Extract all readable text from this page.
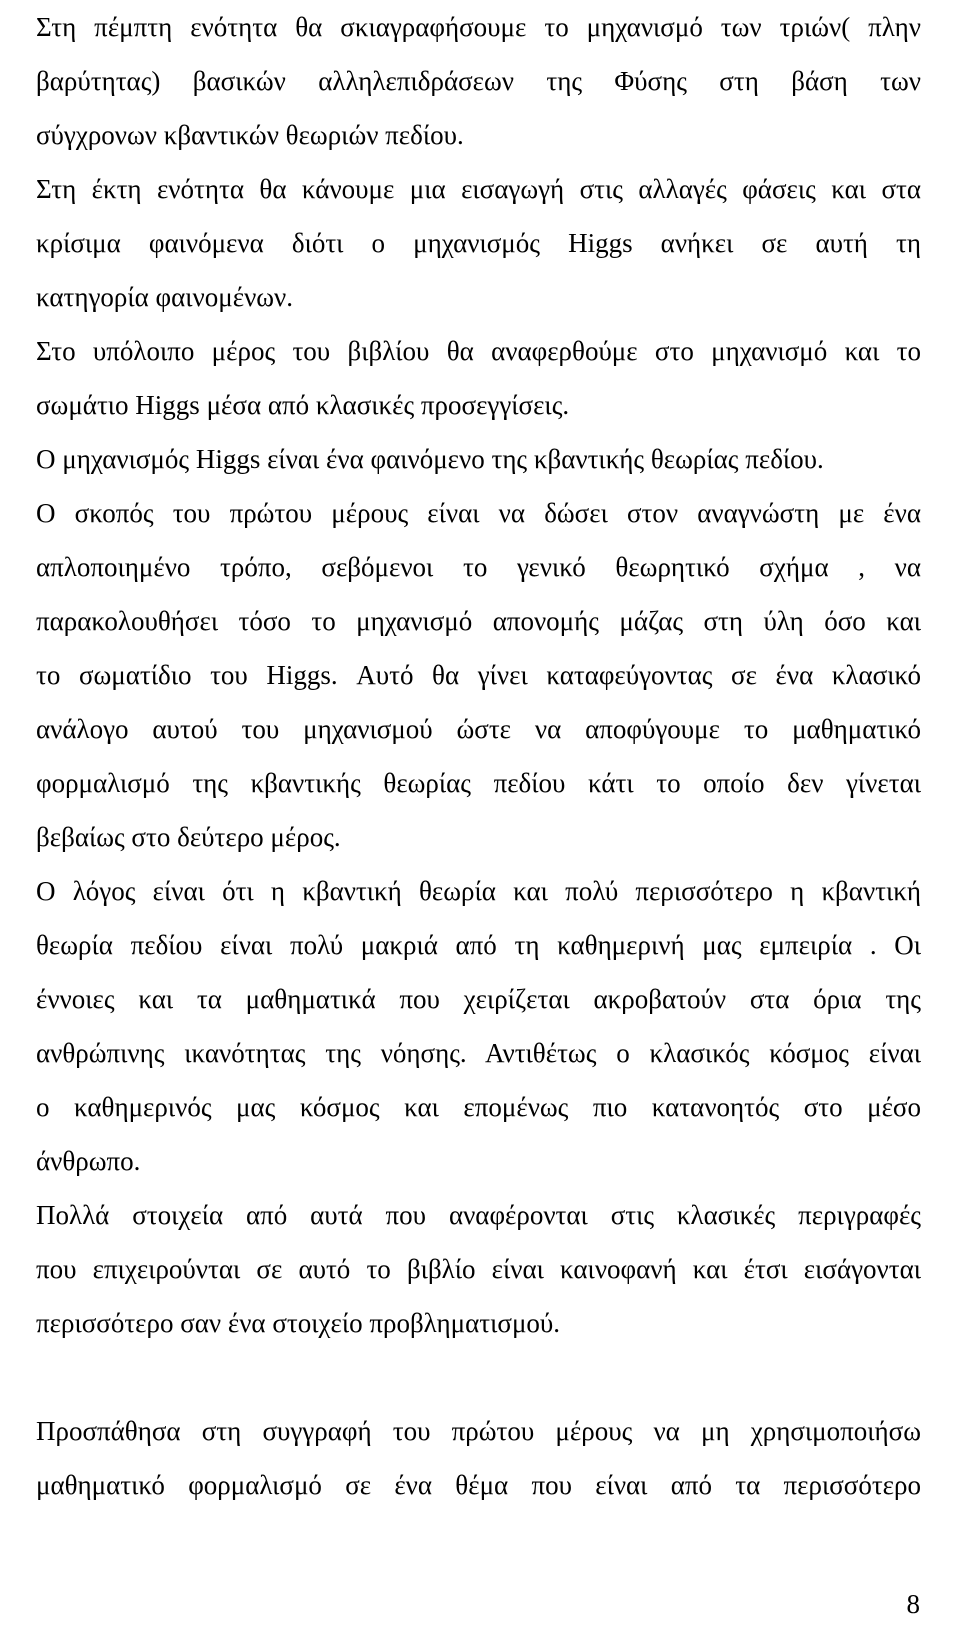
Στη πέμπτη ενότητα θα σκιαγραφήσουμε το μηχανισμό των τριών( πλην
βαρύτητας) βασικών αλληλεπιδράσεων της Φύσης στη βάση των
σύγχρονων κβαντικών θεωριών πεδίου.
Στη έκτη ενότητα θα κάνουμε μια εισαγωγή στις αλλαγές φάσεις και στα
κρίσιμα φαινόμενα διότι ο μηχανισμός Higgs ανήκει σε αυτή τη
κατηγορία φαινομένων.
Στο υπόλοιπο μέρος του βιβλίου θα αναφερθούμε στο μηχανισμό και το
σωμάτιο Higgs μέσα από κλασικές προσεγγίσεις.
Ο μηχανισμός Higgs είναι ένα φαινόμενο της κβαντικής θεωρίας πεδίου.
Ο σκοπός του πρώτου μέρους είναι να δώσει στον αναγνώστη με ένα
απλοποιημένο τρόπο, σεβόμενοι το γενικό θεωρητικό σχήμα , να
παρακολουθήσει τόσο το μηχανισμό απονομής μάζας στη ύλη όσο και
το σωματίδιο του Higgs. Αυτό θα γίνει καταφεύγοντας σε ένα κλασικό
ανάλογο αυτού του μηχανισμού ώστε να αποφύγουμε το μαθηματικό
φορμαλισμό της κβαντικής θεωρίας πεδίου κάτι το οποίο δεν γίνεται
βεβαίως στο δεύτερο μέρος.
Ο λόγος είναι ότι η κβαντική θεωρία και πολύ περισσότερο η κβαντική
θεωρία πεδίου είναι πολύ μακριά από τη καθημερινή μας εμπειρία . Οι
έννοιες και τα μαθηματικά που χειρίζεται ακροβατούν στα όρια της
ανθρώπινης ικανότητας της νόησης. Αντιθέτως ο κλασικός κόσμος είναι
ο καθημερινός μας κόσμος και επομένως πιο κατανοητός στο μέσο
άνθρωπο.
Πολλά στοιχεία από αυτά που αναφέρονται στις κλασικές περιγραφές
που επιχειρούνται σε αυτό το βιβλίο είναι καινοφανή και έτσι εισάγονται
περισσότερο σαν ένα στοιχείο προβληματισμού.
Προσπάθησα στη συγγραφή του πρώτου μέρους να μη χρησιμοποιήσω
μαθηματικό φορμαλισμό σε ένα θέμα που είναι από τα περισσότερο
8
